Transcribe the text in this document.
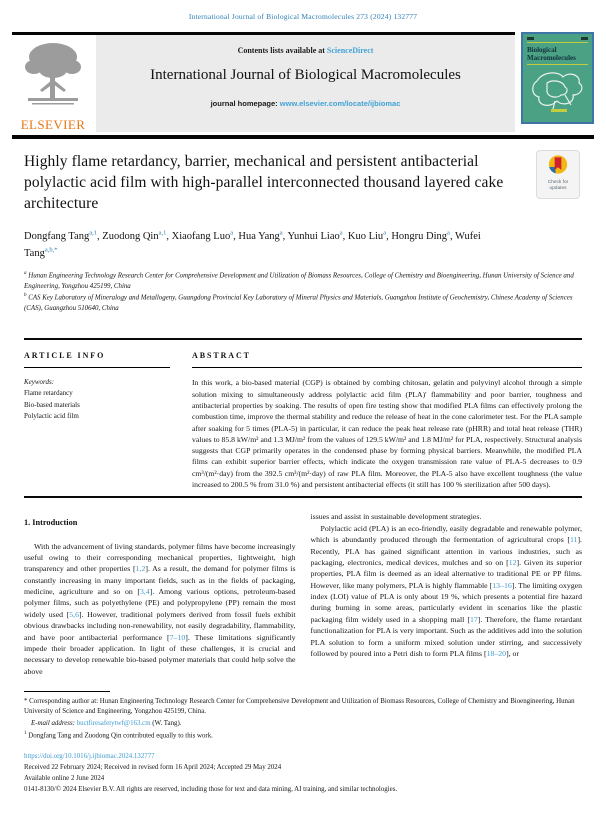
International Journal of Biological Macromolecules 273 (2024) 132777
ELSEVIER
Contents lists available at ScienceDirect
International Journal of Biological Macromolecules
journal homepage: www.elsevier.com/locate/ijbiomac
Biological
Macromolecules
Highly flame retardancy, barrier, mechanical and persistent antibacterial polylactic acid film with high-parallel interconnected thousand layered cake architecture
Check for
updates
Dongfang Tang$^{a,1}$, Zuodong Qin$^{a,1}$, Xiaofang Luo$^a$, Hua Yang$^a$, Yunhui Liao$^a$, Kuo Liu$^a$, Hongru Ding$^a$, Wufei Tang$^{a,b,*}$
$^a$ Hunan Engineering Technology Research Center for Comprehensive Development and Utilization of Biomass Resources, College of Chemistry and Bioengineering, Hunan University of Science and Engineering, Yongzhou 425199, China
$^b$ CAS Key Laboratory of Mineralogy and Metallogeny, Guangdong Provincial Key Laboratory of Mineral Physics and Materials, Guangzhou Institute of Geochemistry, Chinese Academy of Sciences (CAS), Guangzhou 510640, China
ARTICLE INFO
Keywords:
Flame retardancy
Bio-based materials
Polylactic acid film
ABSTRACT
In this work, a bio-based material (CGP) is obtained by combing chitosan, gelatin and polyvinyl alcohol through a simple solution mixing to simultaneously address polylactic acid film (PLA)' flammability and poor barrier, toughness and antibacterial properties by soaking. The results of open fire testing show that modified PLA films can effectively prolong the combustion time, improve the thermal stability and reduce the release of heat in the cone calorimeter test. For the PLA sample after soaking for 5 times (PLA-5) in particular, it can reduce the peak heat release rate (pHRR) and total heat release (THR) values to 85.8 kW/m² and 1.3 MJ/m² from the values of 129.5 kW/m² and 1.8 MJ/m² for PLA, respectively. Structural analysis suggests that CGP primarily operates in the condensed phase by forming physical barriers. Meanwhile, the modified PLA films can exhibit superior barrier effects, which indicate the oxygen transmission rate value of PLA-5 decreases to 0.9 cm³/(m²·day) from the 392.5 cm³/(m²·day) of raw PLA film. Moreover, the PLA-5 also have excellent toughness (the value increased to 200.5 % from 31.0 %) and persistent antibacterial effects (it still has 100 % sterilization after 500 days).
1. Introduction

With the advancement of living standards, polymer films have become increasingly useful owing to their corresponding mechanical properties, lightweight, high transparency and other properties [1,2]. As a result, the demand for polymer films is constantly increasing in many important fields, such as in the fields of packaging, medicine, agriculture and so on [3,4]. Among various options, petroleum-based polymer films, such as polyethylene (PE) and polypropylene (PP) remain the most widely used [5,6]. However, traditional polymers derived from fossil fuels exhibit obvious drawbacks including non-renewability, not easily degradability, flammability, and have poor antibacterial performance [7–10]. These limitations significantly impede their broader application. In light of these challenges, it is crucial and necessary to develop renewable bio-based polymer materials that could help solve the above

issues and assist in sustainable development strategies.

Polylactic acid (PLA) is an eco-friendly, easily degradable and renewable polymer, which is abundantly produced through the fermentation of agricultural crops [11]. Recently, PLA has gained significant attention in various industries, such as packaging, electronics, medical devices, mulches and so on [12]. Given its superior properties, PLA film is deemed as an ideal alternative to traditional PE or PP films. However, like many polymers, PLA is highly flammable [13–16]. The limiting oxygen index (LOI) value of PLA is only about 19 %, which presents a potential fire hazard during burning in some areas, particularly evident in scenarios like the plastic packaging film widely used in a shopping mall [17]. Therefore, the flame retardant functionalization for PLA is very important. Such as the additives add into the solution PLA solution to form a uniform mixed solution under stirring, and successively followed by poured into a Petri dish to form PLA films [18–20], or

* Corresponding author at: Hunan Engineering Technology Research Center for Comprehensive Development and Utilization of Biomass Resources, College of Chemistry and Bioengineering, Hunan University of Science and Engineering, Yongzhou 425199, China.

E-mail address: buctfiresafetytwf@163.cm (W. Tang).

$^1$ Dongfang Tang and Zuodong Qin contributed equally to this work.

https://doi.org/10.1016/j.ijbiomac.2024.132777

Received 22 February 2024; Received in revised form 16 April 2024; Accepted 29 May 2024

Available online 2 June 2024

0141-8130/© 2024 Elsevier B.V. All rights are reserved, including those for text and data mining, AI training, and similar technologies.
